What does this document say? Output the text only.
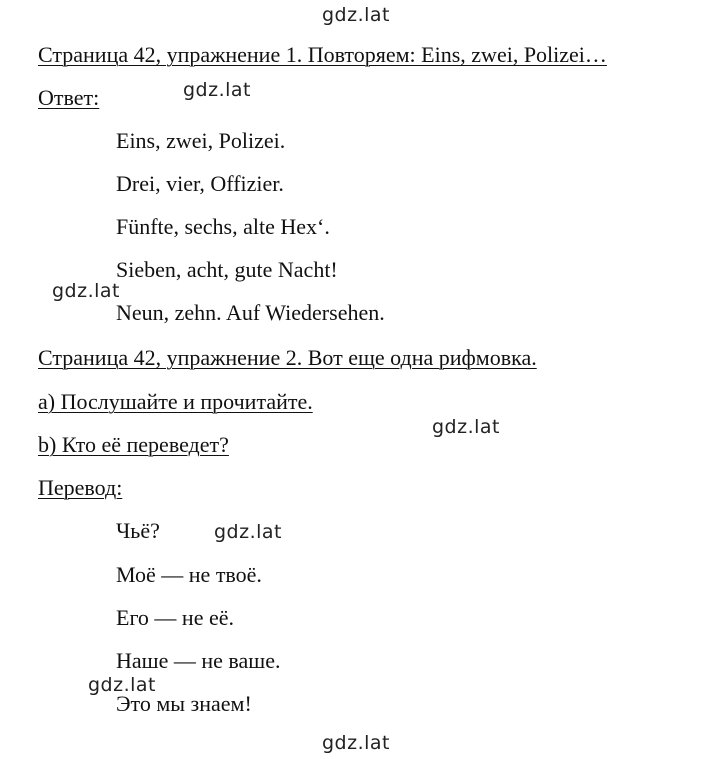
gdz.lat
gdz.lat
gdz.lat
gdz.lat
gdz.lat
gdz.lat
gdz.lat
Страница 42, упражнение 1. Повторяем: Eins, zwei, Polizei…
Ответ:
Eins, zwei, Polizei.
Drei, vier, Offizier.
Fünfte, sechs, alte Hex‘.
Sieben, acht, gute Nacht!
Neun, zehn. Auf Wiedersehen.
Страница 42, упражнение 2. Вот еще одна рифмовка.
а) Послушайте и прочитайте.
b) Кто её переведет?
Перевод:
Чьё?
Моё — не твоё.
Его — не её.
Наше — не ваше.
Это мы знаем!
